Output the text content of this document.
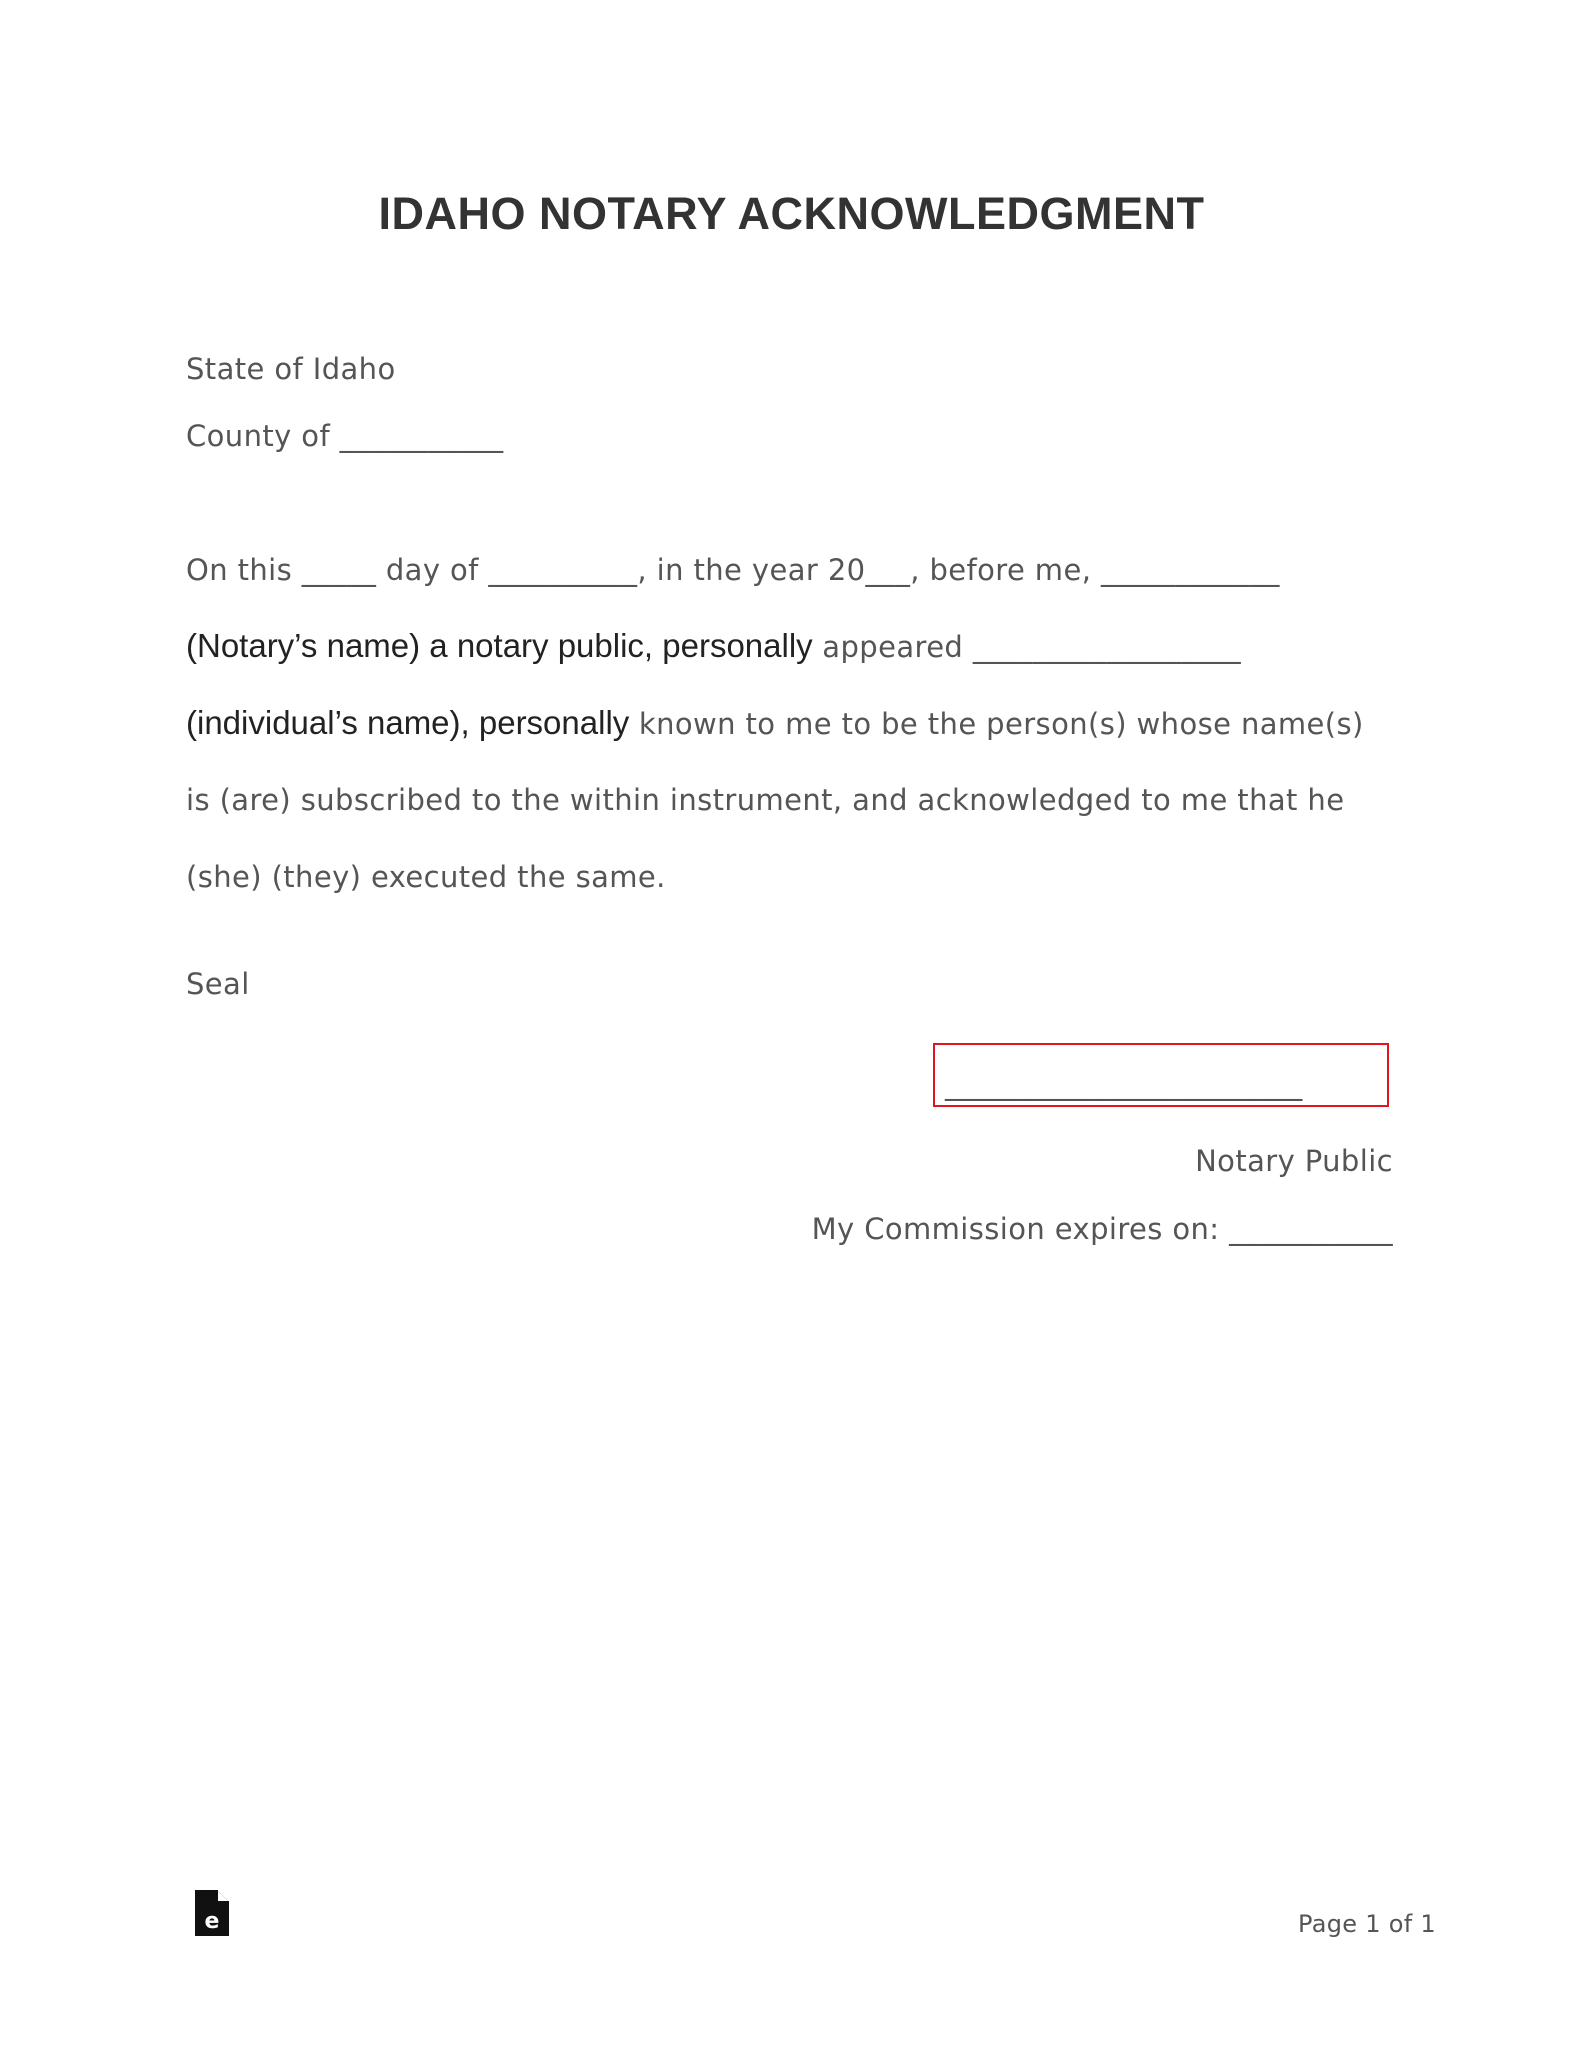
IDAHO NOTARY ACKNOWLEDGMENT
State of Idaho
County of ___________
On this _____ day of __________, in the year 20___, before me, ____________
(Notary’s name) a notary public, personally appeared __________________
(individual’s name), personally known to me to be the person(s) whose name(s)
is (are) subscribed to the within instrument, and acknowledged to me that he
(she) (they) executed the same.
Seal
________________________
Notary Public
My Commission expires on: ___________
e	Page 1 of 1
